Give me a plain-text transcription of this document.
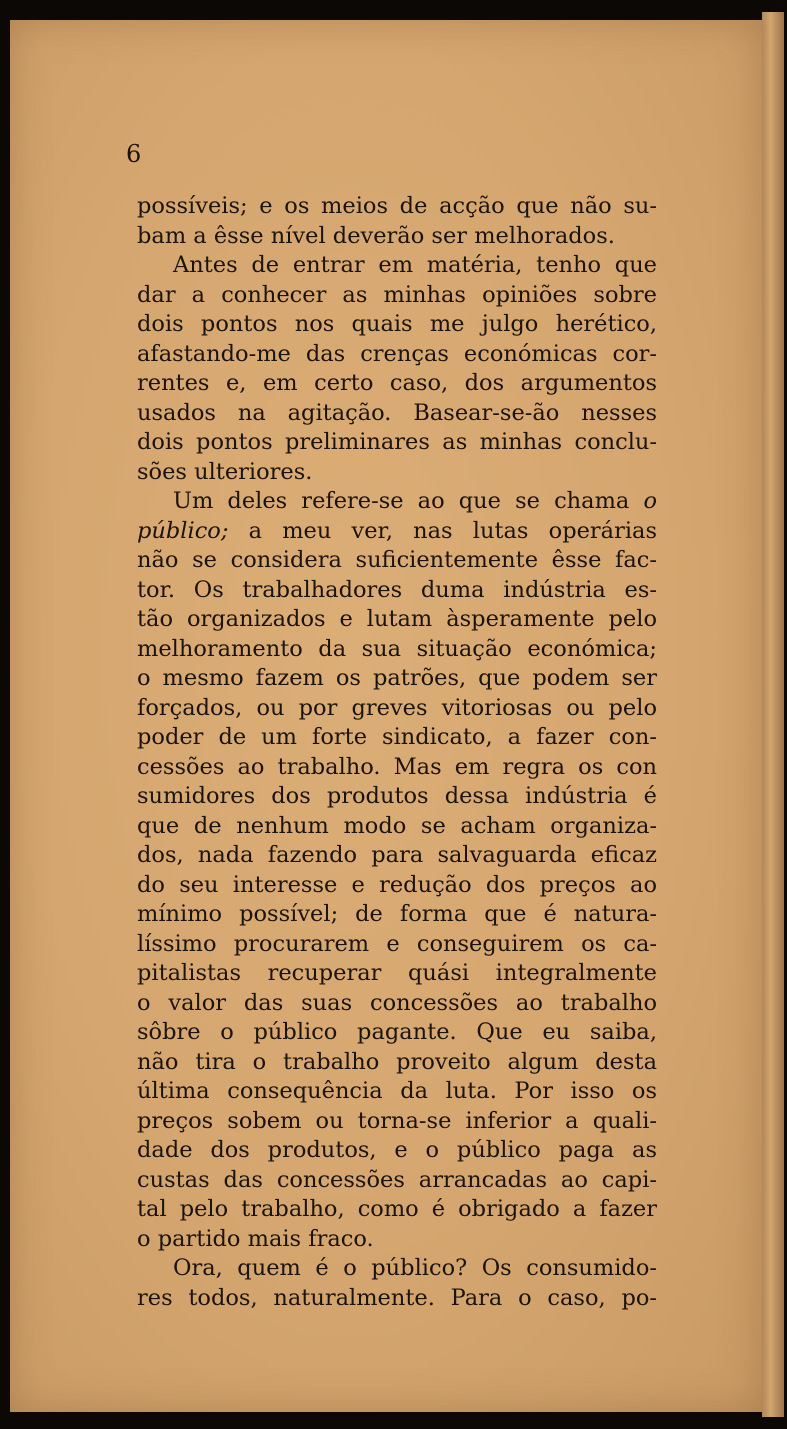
6
possíveis; e os meios de acção que não su-
bam a êsse nível deverão ser melhorados.
Antes de entrar em matéria, tenho que
dar a conhecer as minhas opiniões sobre
dois pontos nos quais me julgo herético,
afastando-me das crenças económicas cor-
rentes e, em certo caso, dos argumentos
usados na agitação. Basear-se-ão nesses
dois pontos preliminares as minhas conclu-
sões ulteriores.
Um deles refere-se ao que se chama o
público; a meu ver, nas lutas operárias
não se considera suficientemente êsse fac-
tor. Os trabalhadores duma indústria es-
tão organizados e lutam àsperamente pelo
melhoramento da sua situação económica;
o mesmo fazem os patrões, que podem ser
forçados, ou por greves vitoriosas ou pelo
poder de um forte sindicato, a fazer con-
cessões ao trabalho. Mas em regra os con
sumidores dos produtos dessa indústria é
que de nenhum modo se acham organiza-
dos, nada fazendo para salvaguarda eficaz
do seu interesse e redução dos preços ao
mínimo possível; de forma que é natura-
líssimo procurarem e conseguirem os ca-
pitalistas recuperar quási integralmente
o valor das suas concessões ao trabalho
sôbre o público pagante. Que eu saiba,
não tira o trabalho proveito algum desta
última consequência da luta. Por isso os
preços sobem ou torna-se inferior a quali-
dade dos produtos, e o público paga as
custas das concessões arrancadas ao capi-
tal pelo trabalho, como é obrigado a fazer
o partido mais fraco.
Ora, quem é o público? Os consumido-
res todos, naturalmente. Para o caso, po-
